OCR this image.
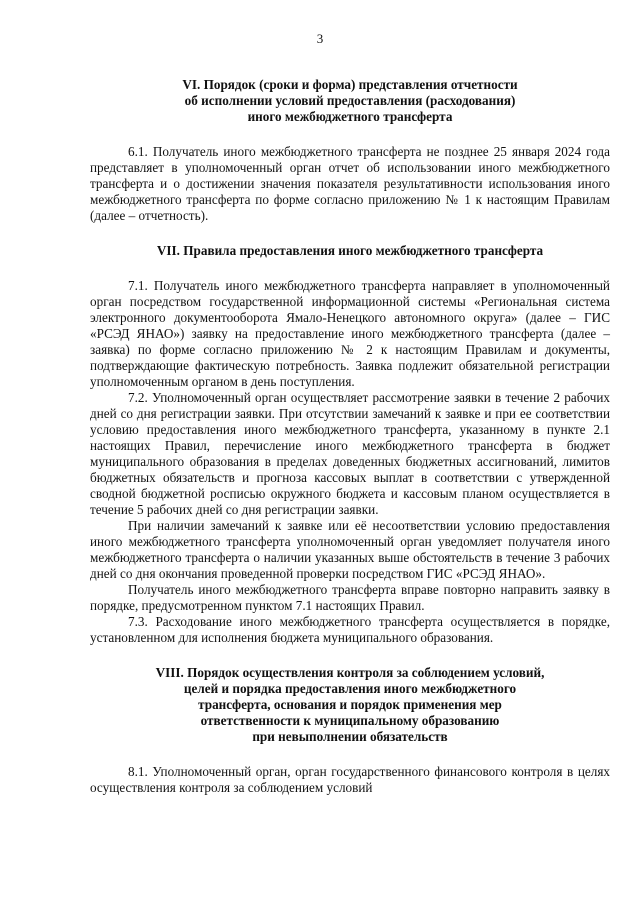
3

VI. Порядок (сроки и форма) представления отчетности

об исполнении условий предоставления (расходования)

иного межбюджетного трансферта

6.1. Получатель иного межбюджетного трансферта не позднее 25 января 2024 года представляет в уполномоченный орган отчет об использовании иного межбюджетного трансферта и о достижении значения показателя результативности использования иного межбюджетного трансферта по форме согласно приложению № 1 к настоящим Правилам (далее – отчетность).

VII. Правила предоставления иного межбюджетного трансферта

7.1. Получатель иного межбюджетного трансферта направляет в уполномоченный орган посредством государственной информационной системы «Региональная система электронного документооборота Ямало-Ненецкого автономного округа» (далее – ГИС «РСЭД ЯНАО») заявку на предоставление иного межбюджетного трансферта (далее – заявка) по форме согласно приложению № 2 к настоящим Правилам и документы, подтверждающие фактическую потребность. Заявка подлежит обязательной регистрации уполномоченным органом в день поступления.

7.2. Уполномоченный орган осуществляет рассмотрение заявки в течение 2 рабочих дней со дня регистрации заявки. При отсутствии замечаний к заявке и при ее соответствии условию предоставления иного межбюджетного трансферта, указанному в пункте 2.1 настоящих Правил, перечисление иного межбюджетного трансферта в бюджет муниципального образования в пределах доведенных бюджетных ассигнований, лимитов бюджетных обязательств и прогноза кассовых выплат в соответствии с утвержденной сводной бюджетной росписью окружного бюджета и кассовым планом осуществляется в течение 5 рабочих дней со дня регистрации заявки.

При наличии замечаний к заявке или её несоответствии условию предоставления иного межбюджетного трансферта уполномоченный орган уведомляет получателя иного межбюджетного трансферта о наличии указанных выше обстоятельств в течение 3 рабочих дней со дня окончания проведенной проверки посредством ГИС «РСЭД ЯНАО».

Получатель иного межбюджетного трансферта вправе повторно направить заявку в порядке, предусмотренном пунктом 7.1 настоящих Правил.

7.3. Расходование иного межбюджетного трансферта осуществляется в порядке, установленном для исполнения бюджета муниципального образования.

VIII. Порядок осуществления контроля за соблюдением условий,

целей и порядка предоставления иного межбюджетного

трансферта, основания и порядок применения мер

ответственности к муниципальному образованию

при невыполнении обязательств

8.1. Уполномоченный орган, орган государственного финансового контроля в целях осуществления контроля за соблюдением условий
